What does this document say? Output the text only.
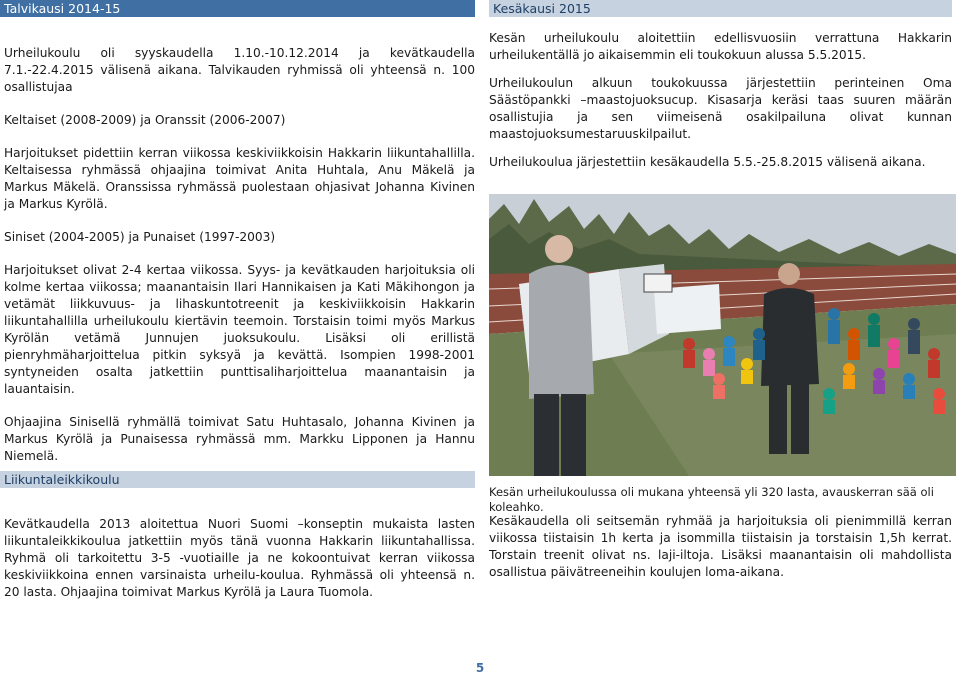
Talvikausi 2014-15

Urheilukoulu oli syyskaudella 1.10.-10.12.2014 ja kevätkaudella 7.1.-22.4.2015 välisenä aikana. Talvikauden ryhmissä oli yhteensä n. 100 osallistujaa

Keltaiset (2008-2009) ja Oranssit (2006-2007)

Harjoitukset pidettiin kerran viikossa keskiviikkoisin Hakkarin liikuntahallilla. Keltaisessa ryhmässä ohjaajina toimivat Anita Huhtala, Anu Mäkelä ja Markus Mäkelä. Oranssissa ryhmässä puolestaan ohjasivat Johanna Kivinen ja Markus Kyrölä.

Siniset (2004-2005) ja Punaiset (1997-2003)

Harjoitukset olivat 2-4 kertaa viikossa. Syys- ja kevätkauden harjoituksia oli kolme kertaa viikossa; maanantaisin Ilari Hannikaisen ja Kati Mäkihongon ja vetämät liikkuvuus- ja lihaskuntotreenit ja keskiviikkoisin Hakkarin liikuntahallilla urheilukoulu kiertävin teemoin. Torstaisin toimi myös Markus Kyrölän vetämä Junnujen juoksukoulu. Lisäksi oli erillistä pienryhmäharjoittelua pitkin syksyä ja kevättä. Isompien 1998-2001 syntyneiden osalta jatkettiin punttisaliharjoittelua maanantaisin ja lauantaisin.

Ohjaajina Sinisellä ryhmällä toimivat Satu Huhtasalo, Johanna Kivinen ja Markus Kyrölä ja Punaisessa ryhmässä mm. Markku Lipponen ja Hannu Niemelä.

Liikuntaleikkikoulu

Kevätkaudella 2013 aloitettua Nuori Suomi –konseptin mukaista lasten liikuntaleikkikoulua jatkettiin myös tänä vuonna Hakkarin liikuntahallissa. Ryhmä oli tarkoitettu 3-5 -vuotiaille ja ne kokoontuivat kerran viikossa keskiviikkoina ennen varsinaista urheilu-koulua. Ryhmässä oli yhteensä n. 20 lasta. Ohjaajina toimivat Markus Kyrölä ja Laura Tuomola.

Kesäkausi 2015

Kesän urheilukoulu aloitettiin edellisvuosiin verrattuna Hakkarin urheilukentällä jo aikaisemmin eli toukokuun alussa 5.5.2015.

Urheilukoulun alkuun toukokuussa järjestettiin perinteinen Oma Säästöpankki –maastojuoksucup. Kisasarja keräsi taas suuren määrän osallistujia ja sen viimeisenä osakilpailuna olivat kunnan maastojuoksumestaruuskilpailut.

Urheilukoulua järjestettiin kesäkaudella 5.5.-25.8.2015 välisenä aikana.

Kesän urheilukoulussa oli mukana yhteensä yli 320 lasta, avauskerran sää oli koleahko.

Kesäkaudella oli seitsemän ryhmää ja harjoituksia oli pienimmillä kerran viikossa tiistaisin 1h kerta ja isommilla tiistaisin ja torstaisin 1,5h kerrat. Torstain treenit olivat ns. laji-iltoja. Lisäksi maanantaisin oli mahdollista osallistua päivätreeneihin koulujen loma-aikana.

5
